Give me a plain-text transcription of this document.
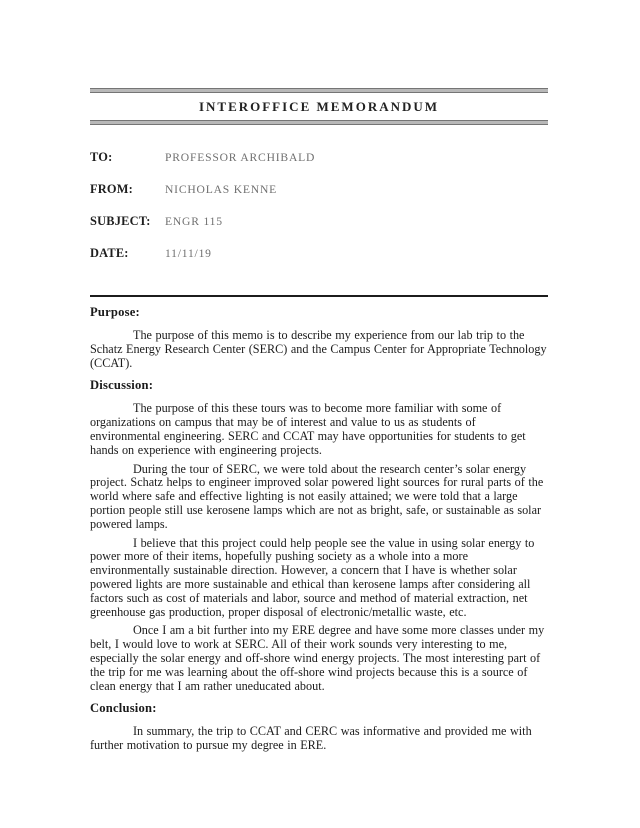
INTEROFFICE MEMORANDUM
TO:	PROFESSOR ARCHIBALD
FROM:	NICHOLAS KENNE
SUBJECT: ENGR 115
DATE:	11/11/19
Purpose:

The purpose of this memo is to describe my experience from our lab trip to the Schatz Energy Research Center (SERC) and the Campus Center for Appropriate Technology (CCAT).

Discussion:

The purpose of this these tours was to become more familiar with some of organizations on campus that may be of interest and value to us as students of environmental engineering. SERC and CCAT may have opportunities for students to get hands on experience with engineering projects.

During the tour of SERC, we were told about the research center’s solar energy project. Schatz helps to engineer improved solar powered light sources for rural parts of the world where safe and effective lighting is not easily attained; we were told that a large portion people still use kerosene lamps which are not as bright, safe, or sustainable as solar powered lamps.

I believe that this project could help people see the value in using solar energy to power more of their items, hopefully pushing society as a whole into a more environmentally sustainable direction. However, a concern that I have is whether solar powered lights are more sustainable and ethical than kerosene lamps after considering all factors such as cost of materials and labor, source and method of material extraction, net greenhouse gas production, proper disposal of electronic/metallic waste, etc.

Once I am a bit further into my ERE degree and have some more classes under my belt, I would love to work at SERC. All of their work sounds very interesting to me, especially the solar energy and off-shore wind energy projects. The most interesting part of the trip for me was learning about the off-shore wind projects because this is a source of clean energy that I am rather uneducated about.

Conclusion:

In summary, the trip to CCAT and CERC was informative and provided me with further motivation to pursue my degree in ERE.
